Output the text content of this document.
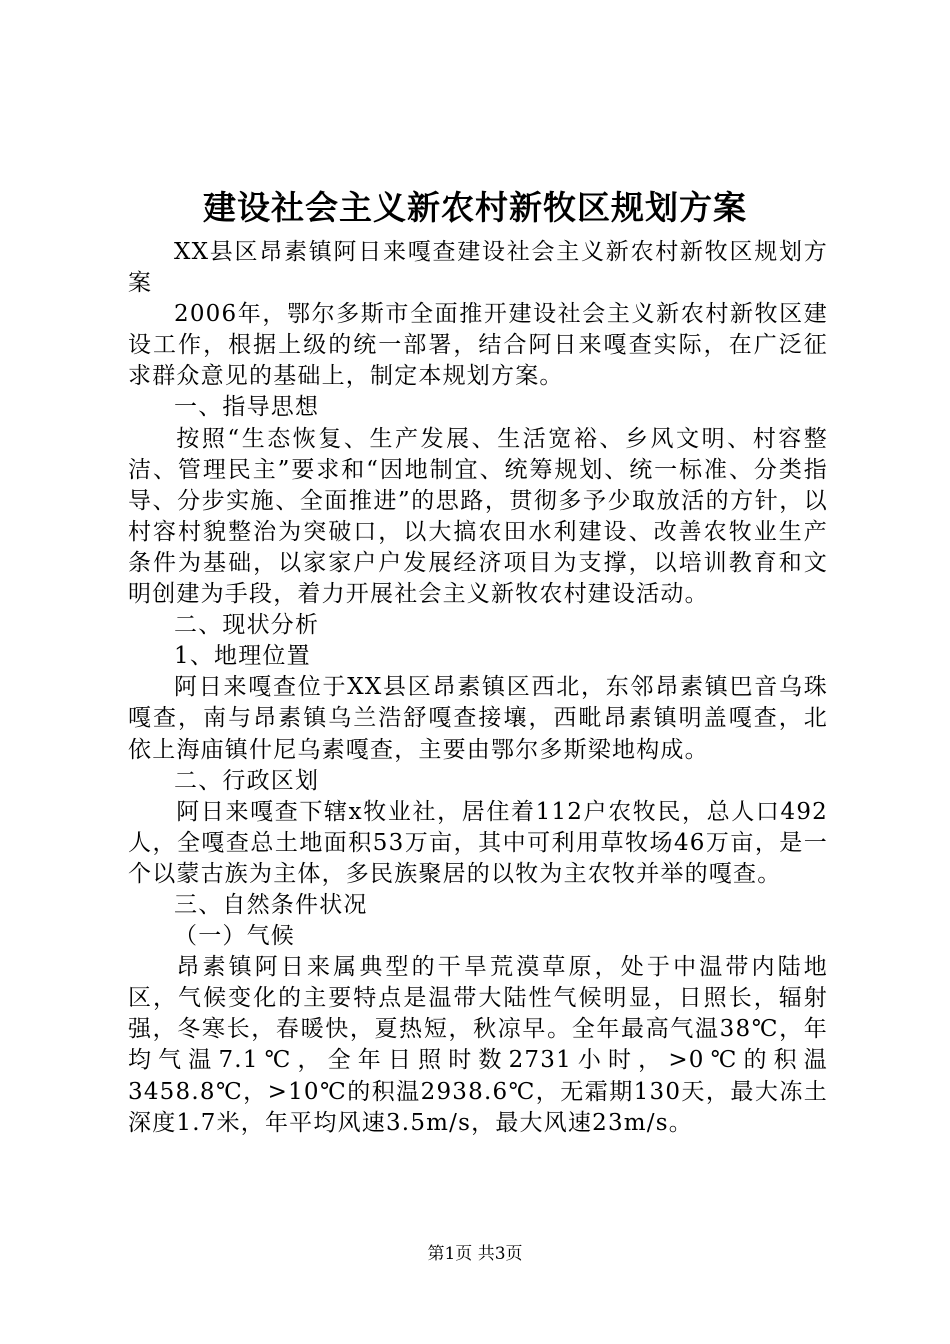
建设社会主义新农村新牧区规划方案

XX县区昂素镇阿日来嘎查建设社会主义新农村新牧区规划方案

2006年，鄂尔多斯市全面推开建设社会主义新农村新牧区建设工作，根据上级的统一部署，结合阿日来嘎查实际，在广泛征求群众意见的基础上，制定本规划方案。

一、指导思想

按照“生态恢复、生产发展、生活宽裕、乡风文明、村容整洁、管理民主”要求和“因地制宜、统筹规划、统一标准、分类指导、分步实施、全面推进”的思路，贯彻多予少取放活的方针，以村容村貌整治为突破口，以大搞农田水利建设、改善农牧业生产条件为基础，以家家户户发展经济项目为支撑，以培训教育和文明创建为手段，着力开展社会主义新牧农村建设活动。

二、现状分析

1、地理位置

阿日来嘎查位于XX县区昂素镇区西北，东邻昂素镇巴音乌珠嘎查，南与昂素镇乌兰浩舒嘎查接壤，西毗昂素镇明盖嘎查，北依上海庙镇什尼乌素嘎查，主要由鄂尔多斯梁地构成。

二、行政区划

阿日来嘎查下辖x牧业社，居住着112户农牧民，总人口492人，全嘎查总土地面积53万亩，其中可利用草牧场46万亩，是一个以蒙古族为主体，多民族聚居的以牧为主农牧并举的嘎查。

三、自然条件状况

（一）气候

昂素镇阿日来属典型的干旱荒漠草原，处于中温带内陆地区，气候变化的主要特点是温带大陆性气候明显，日照长，辐射强，冬寒长，春暖快，夏热短，秋凉早。全年最高气温38℃，年均气温7.1℃，全年日照时数2731小时，>0℃的积温3458.8℃，>10℃的积温2938.6℃，无霜期130天，最大冻土深度1.7米，年平均风速3.5m/s，最大风速23m/s。

第1页 共3页
